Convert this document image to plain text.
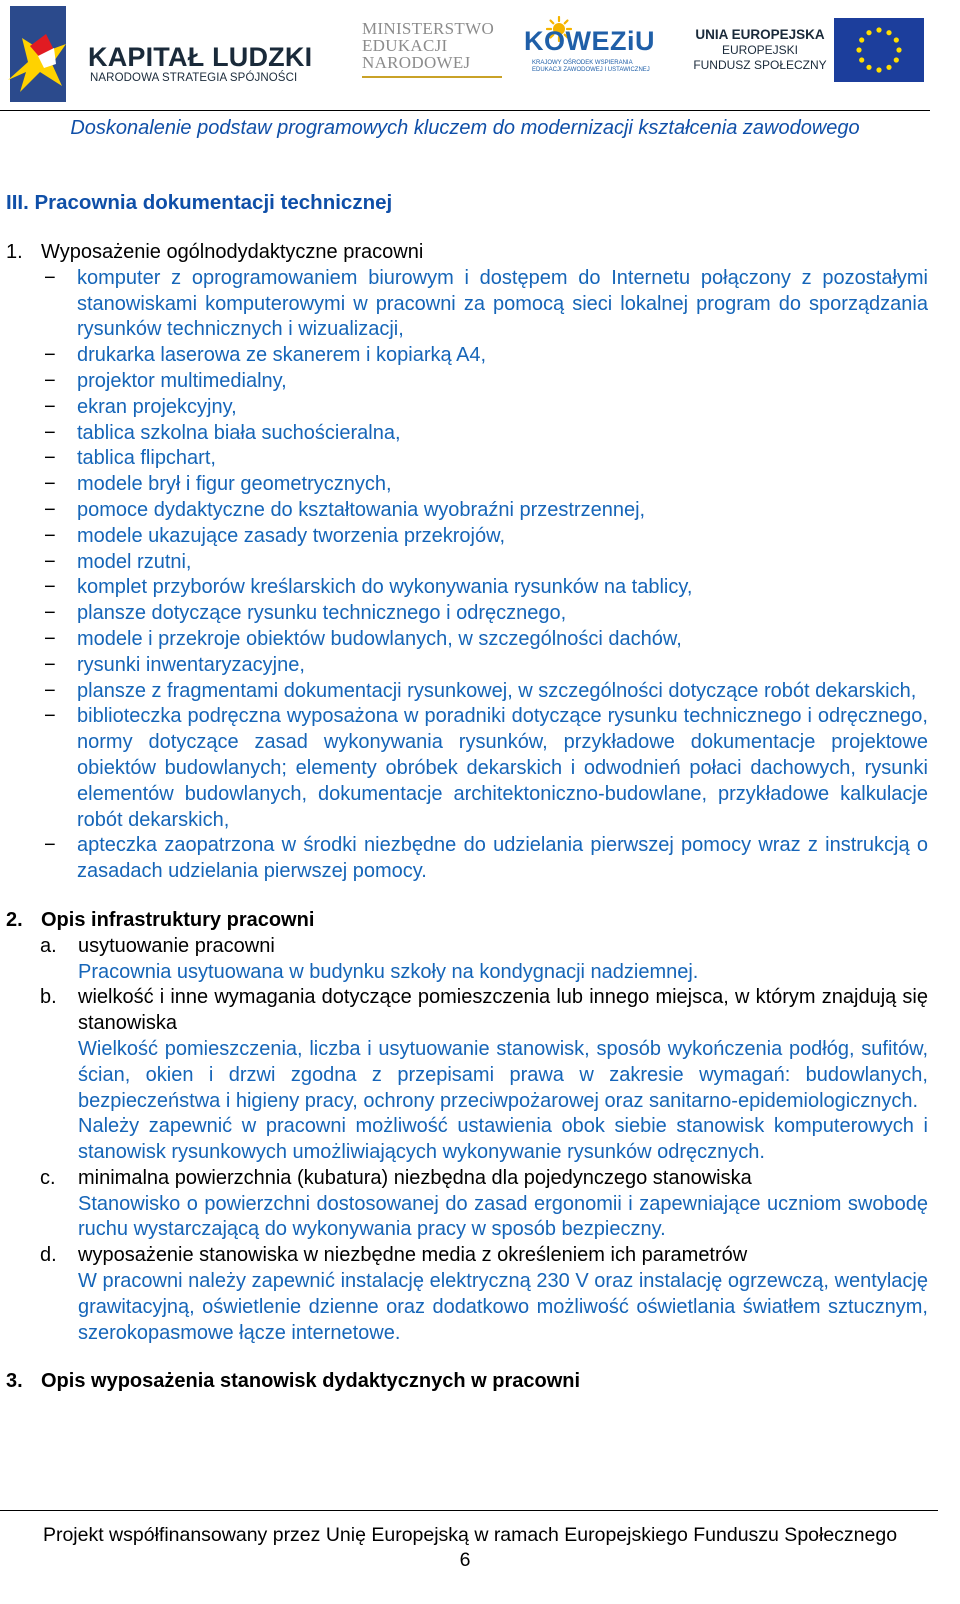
KAPITAŁ LUDZKI
NARODOWA STRATEGIA SPÓJNOŚCI
MINISTERSTWO
EDUKACJI
NARODOWEJ
KOWEZiU
KRAJOWY OŚRODEK WSPIERANIA
EDUKACJI ZAWODOWEJ I USTAWICZNEJ
UNIA EUROPEJSKA
EUROPEJSKI
FUNDUSZ SPOŁECZNY
Doskonalenie podstaw programowych kluczem do modernizacji kształcenia zawodowego
III. Pracownia dokumentacji technicznej
1. Wyposażenie ogólnodydaktyczne pracowni
− komputer z oprogramowaniem biurowym i dostępem do Internetu połączony z pozostałymi stanowiskami komputerowymi w pracowni za pomocą sieci lokalnej program do sporządzania rysunków technicznych i wizualizacji,
− drukarka laserowa ze skanerem i kopiarką A4,
− projektor multimedialny,
− ekran projekcyjny,
− tablica szkolna biała suchościeralna,
− tablica flipchart,
− modele brył i figur geometrycznych,
− pomoce dydaktyczne do kształtowania wyobraźni przestrzennej,
− modele ukazujące zasady tworzenia przekrojów,
− model rzutni,
− komplet przyborów kreślarskich do wykonywania rysunków na tablicy,
− plansze dotyczące rysunku technicznego i odręcznego,
− modele i przekroje obiektów budowlanych, w szczególności dachów,
− rysunki inwentaryzacyjne,
− plansze z fragmentami dokumentacji rysunkowej, w szczególności dotyczące robót dekarskich,
− biblioteczka podręczna wyposażona w poradniki dotyczące rysunku technicznego i odręcznego, normy dotyczące zasad wykonywania rysunków, przykładowe dokumentacje projektowe obiektów budowlanych; elementy obróbek dekarskich i odwodnień połaci dachowych, rysunki elementów budowlanych, dokumentacje architektoniczno-budowlane, przykładowe kalkulacje robót dekarskich,
− apteczka zaopatrzona w środki niezbędne do udzielania pierwszej pomocy wraz z instrukcją o zasadach udzielania pierwszej pomocy.
2. Opis infrastruktury pracowni
a. usytuowanie pracowni
Pracownia usytuowana w budynku szkoły na kondygnacji nadziemnej.
b. wielkość i inne wymagania dotyczące pomieszczenia lub innego miejsca, w którym znajdują się stanowiska
Wielkość pomieszczenia, liczba i usytuowanie stanowisk, sposób wykończenia podłóg, sufitów, ścian, okien i drzwi zgodna z przepisami prawa w zakresie wymagań: budowlanych, bezpieczeństwa i higieny pracy, ochrony przeciwpożarowej oraz sanitarno-epidemiologicznych.
Należy zapewnić w pracowni możliwość ustawienia obok siebie stanowisk komputerowych i stanowisk rysunkowych umożliwiających wykonywanie rysunków odręcznych.
c. minimalna powierzchnia (kubatura) niezbędna dla pojedynczego stanowiska
Stanowisko o powierzchni dostosowanej do zasad ergonomii i zapewniające uczniom swobodę ruchu wystarczającą do wykonywania pracy w sposób bezpieczny.
d. wyposażenie stanowiska w niezbędne media z określeniem ich parametrów
W pracowni należy zapewnić instalację elektryczną 230 V oraz instalację ogrzewczą, wentylację grawitacyjną, oświetlenie dzienne oraz dodatkowo możliwość oświetlania światłem sztucznym, szerokopasmowe łącze internetowe.
3. Opis wyposażenia stanowisk dydaktycznych w pracowni
Projekt współfinansowany przez Unię Europejską w ramach Europejskiego Funduszu Społecznego
6
